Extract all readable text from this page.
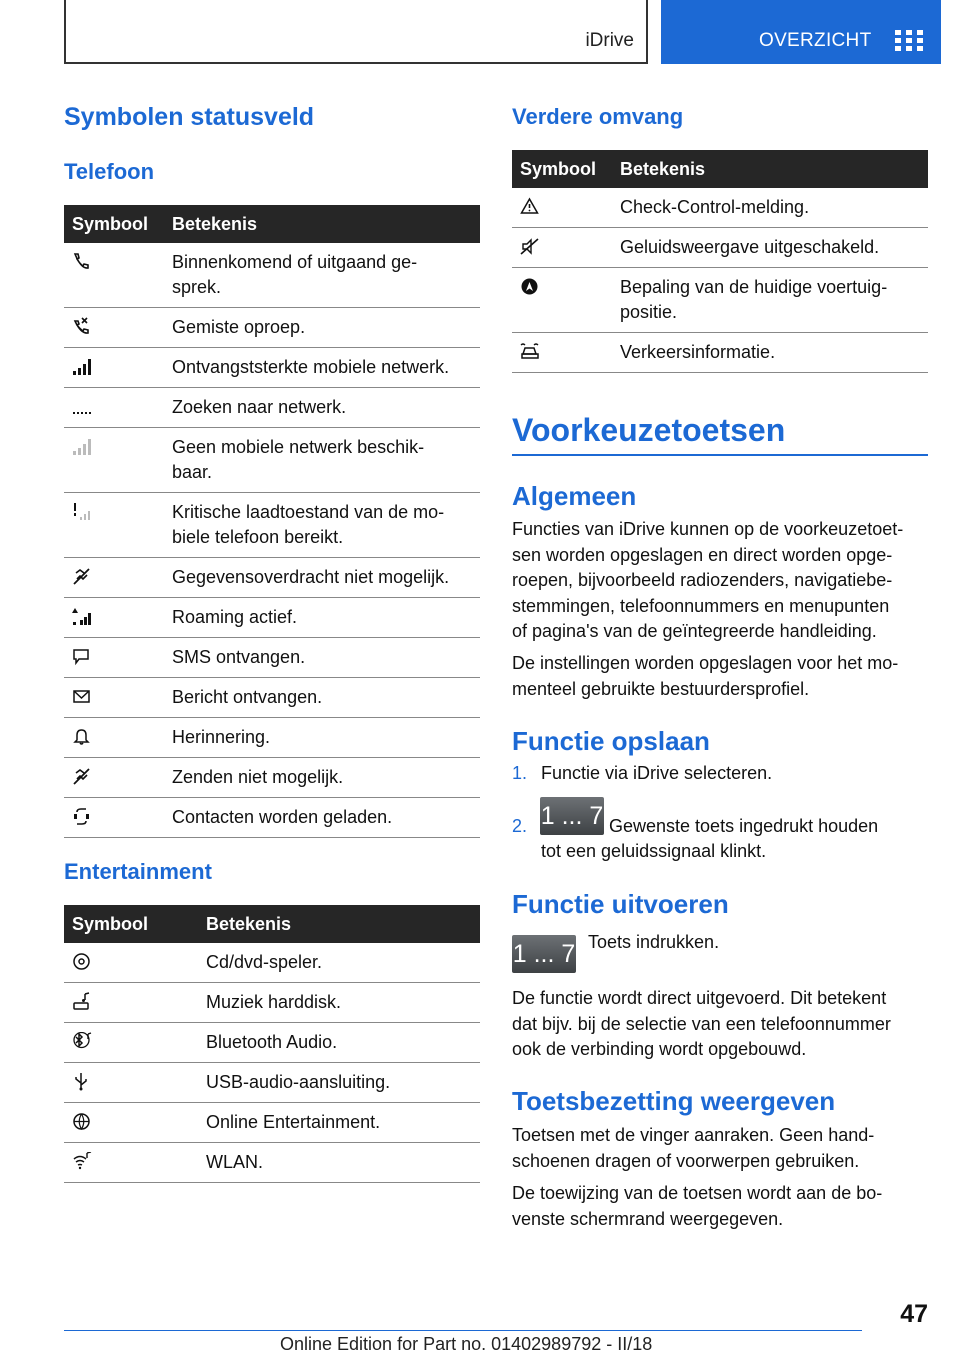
iDrive	OVERZICHT
Symbolen statusveld
Telefoon
Symbool	Betekenis

	Binnenkomend of uitgaand ge-
sprek.

	Gemiste oproep.

	Ontvangststerkte mobiele netwerk.

	Zoeken naar netwerk.

	Geen mobiele netwerk beschik-
baar.

	Kritische laadtoestand van de mo-
biele telefoon bereikt.

	Gegevensoverdracht niet mogelijk.

	Roaming actief.

	SMS ontvangen.

	Bericht ontvangen.

	Herinnering.

	Zenden niet mogelijk.

	Contacten worden geladen.
Entertainment
Symbool	Betekenis

	Cd/dvd-speler.

	Muziek harddisk.

	Bluetooth Audio.

	USB-audio-aansluiting.

	Online Entertainment.

	WLAN.
Verdere omvang
Symbool	Betekenis

	Check-Control-melding.

	Geluidsweergave uitgeschakeld.

	Bepaling van de huidige voertuig-
positie.

	Verkeersinformatie.
Voorkeuzetoetsen
Algemeen

Functies van iDrive kunnen op de voorkeuzetoet-
sen worden opgeslagen en direct worden opge-
roepen, bijvoorbeeld radiozenders, navigatiebe-
stemmingen, telefoonnummers en menupunten
of pagina's van de geïntegreerde handleiding.

De instellingen worden opgeslagen voor het mo-
menteel gebruikte bestuurdersprofiel.

Functie opslaan
1. Functie via iDrive selecteren.
2. 1 ... 7 Gewenste toets ingedrukt houden
tot een geluidssignaal klinkt.
Functie uitvoeren
1 ... 7 Toets indrukken.

De functie wordt direct uitgevoerd. Dit betekent
dat bijv. bij de selectie van een telefoonnummer
ook de verbinding wordt opgebouwd.

Toetsbezetting weergeven

Toetsen met de vinger aanraken. Geen hand-
schoenen dragen of voorwerpen gebruiken.

De toewijzing van de toetsen wordt aan de bo-
venste schermrand weergegeven.

47
Online Edition for Part no. 01402989792 - II/18
